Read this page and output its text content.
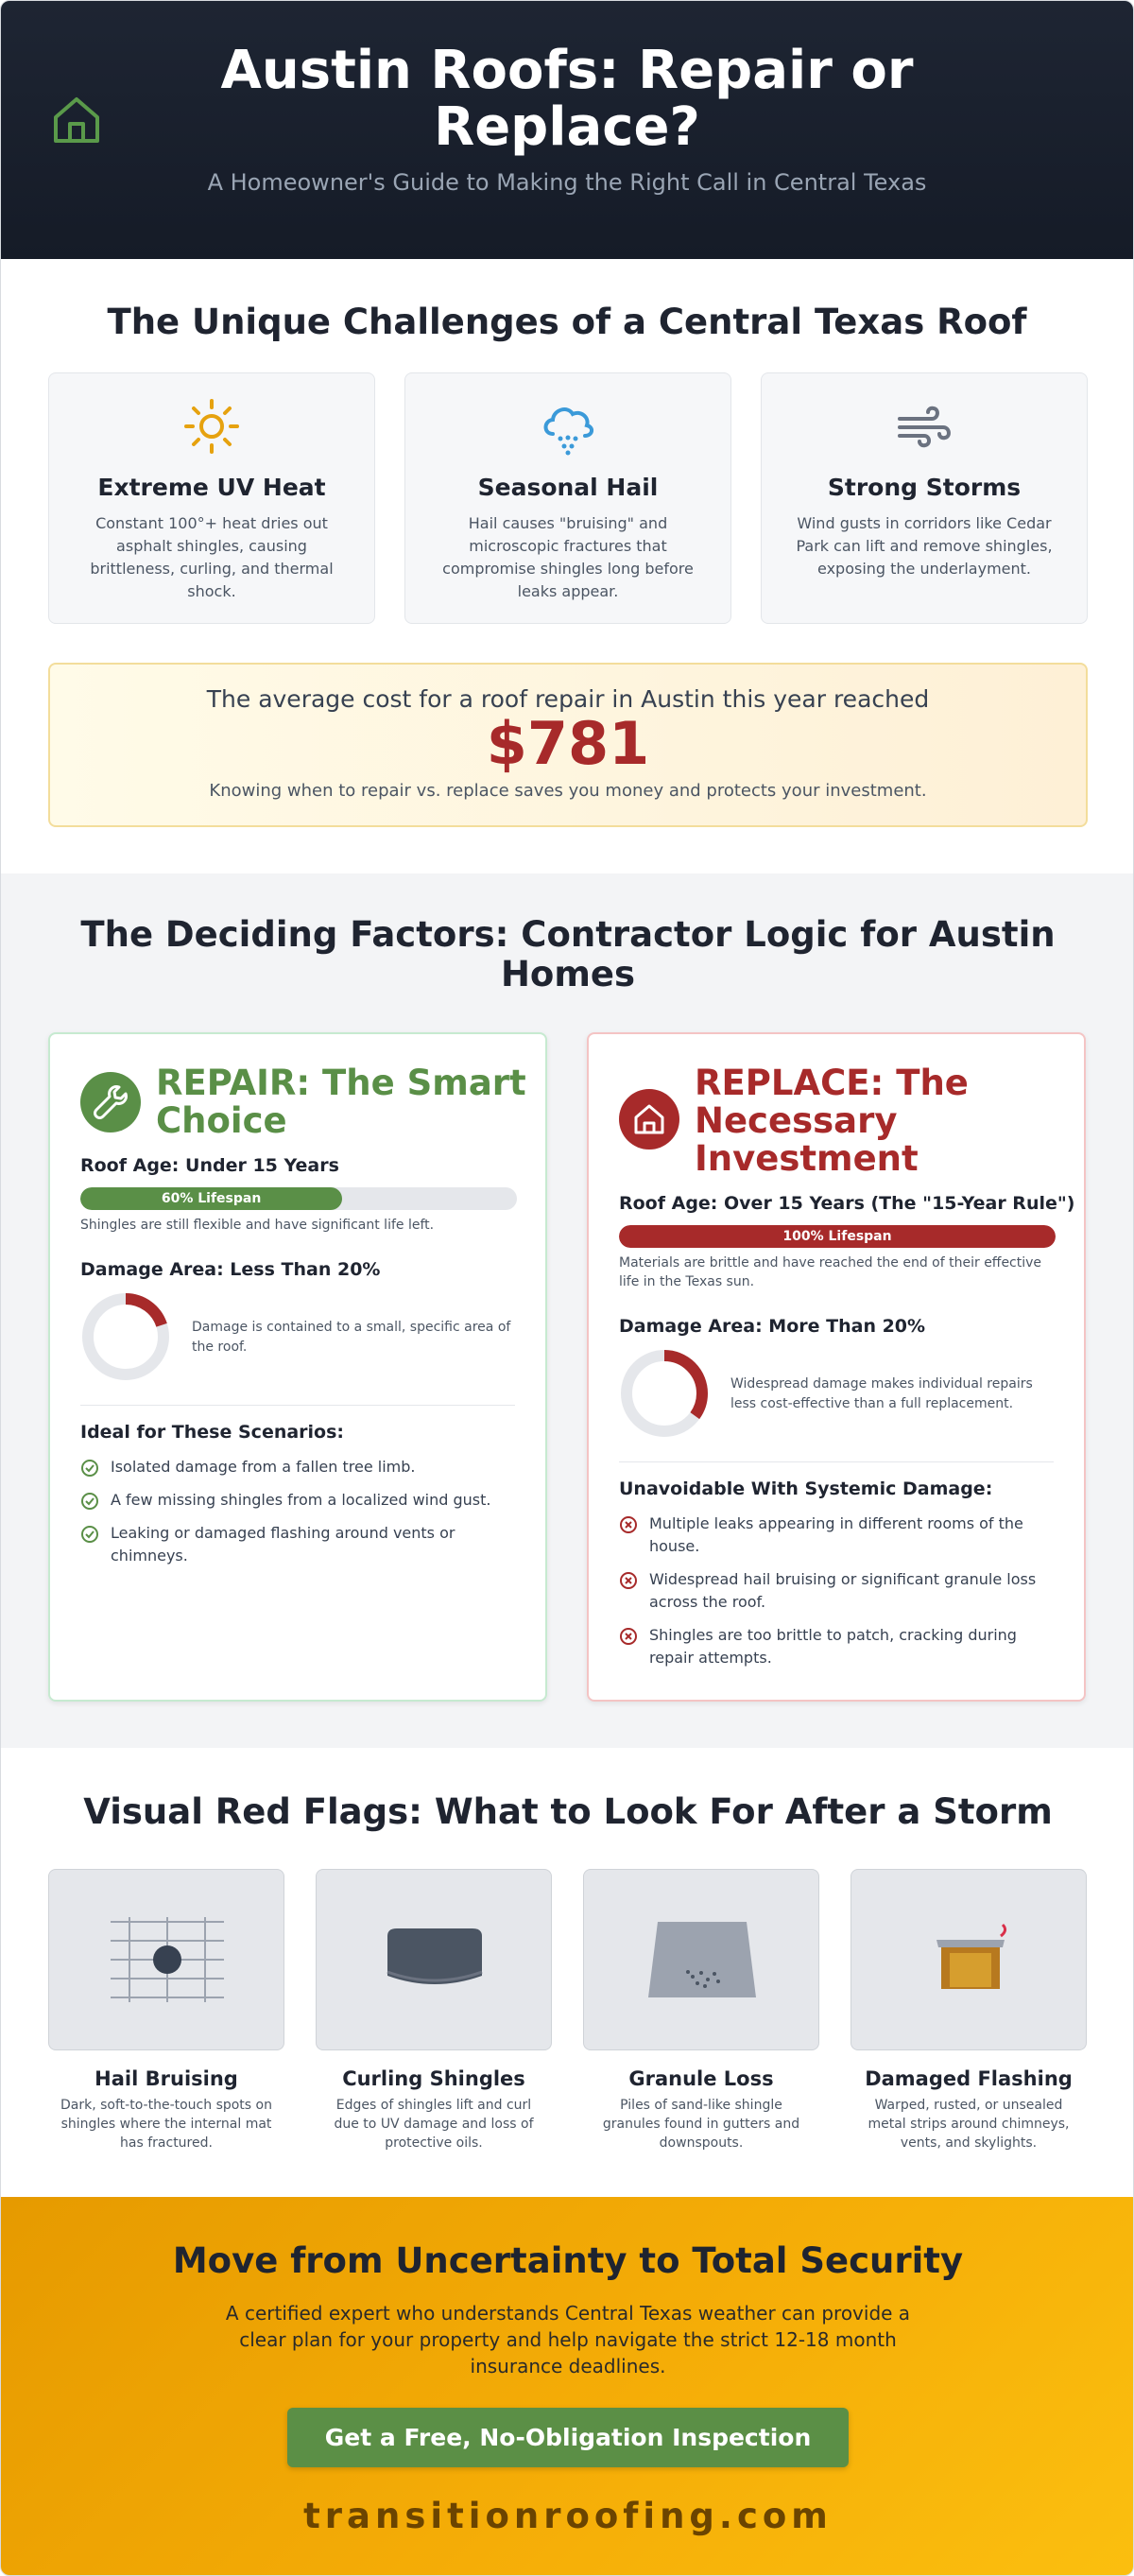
Austin Roofs: Repair or Replace?
A Homeowner's Guide to Making the Right Call in Central Texas
The Unique Challenges of a Central Texas Roof
Extreme UV Heat

Constant 100°+ heat dries out asphalt shingles, causing brittleness, curling, and thermal shock.

Seasonal Hail

Hail causes "bruising" and microscopic fractures that compromise shingles long before leaks appear.

Strong Storms

Wind gusts in corridors like Cedar Park can lift and remove shingles, exposing the underlayment.

The average cost for a roof repair in Austin this year reached
$781
Knowing when to repair vs. replace saves you money and protects your investment.
The Deciding Factors: Contractor Logic for Austin Homes
REPAIR: The Smart Choice
Roof Age: Under 15 Years
60% Lifespan
Shingles are still flexible and have significant life left.
Damage Area: Less Than 20%
Damage is contained to a small, specific area of the roof.
Ideal for These Scenarios:
Isolated damage from a fallen tree limb.
A few missing shingles from a localized wind gust.
Leaking or damaged flashing around vents or chimneys.
REPLACE: The Necessary Investment
Roof Age: Over 15 Years (The "15-Year Rule")
100% Lifespan
Materials are brittle and have reached the end of their effective life in the Texas sun.
Damage Area: More Than 20%
Widespread damage makes individual repairs less cost-effective than a full replacement.
Unavoidable With Systemic Damage:
Multiple leaks appearing in different rooms of the house.
Widespread hail bruising or significant granule loss across the roof.
Shingles are too brittle to patch, cracking during repair attempts.
Visual Red Flags: What to Look For After a Storm
Hail Bruising

Dark, soft-to-the-touch spots on shingles where the internal mat has fractured.

Curling Shingles

Edges of shingles lift and curl due to UV damage and loss of protective oils.

Granule Loss

Piles of sand-like shingle granules found in gutters and downspouts.

Damaged Flashing

Warped, rusted, or unsealed metal strips around chimneys, vents, and skylights.

Move from Uncertainty to Total Security

A certified expert who understands Central Texas weather can provide a clear plan for your property and help navigate the strict 12-18 month insurance deadlines.

Get a Free, No-Obligation Inspection
transitionroofing.com
